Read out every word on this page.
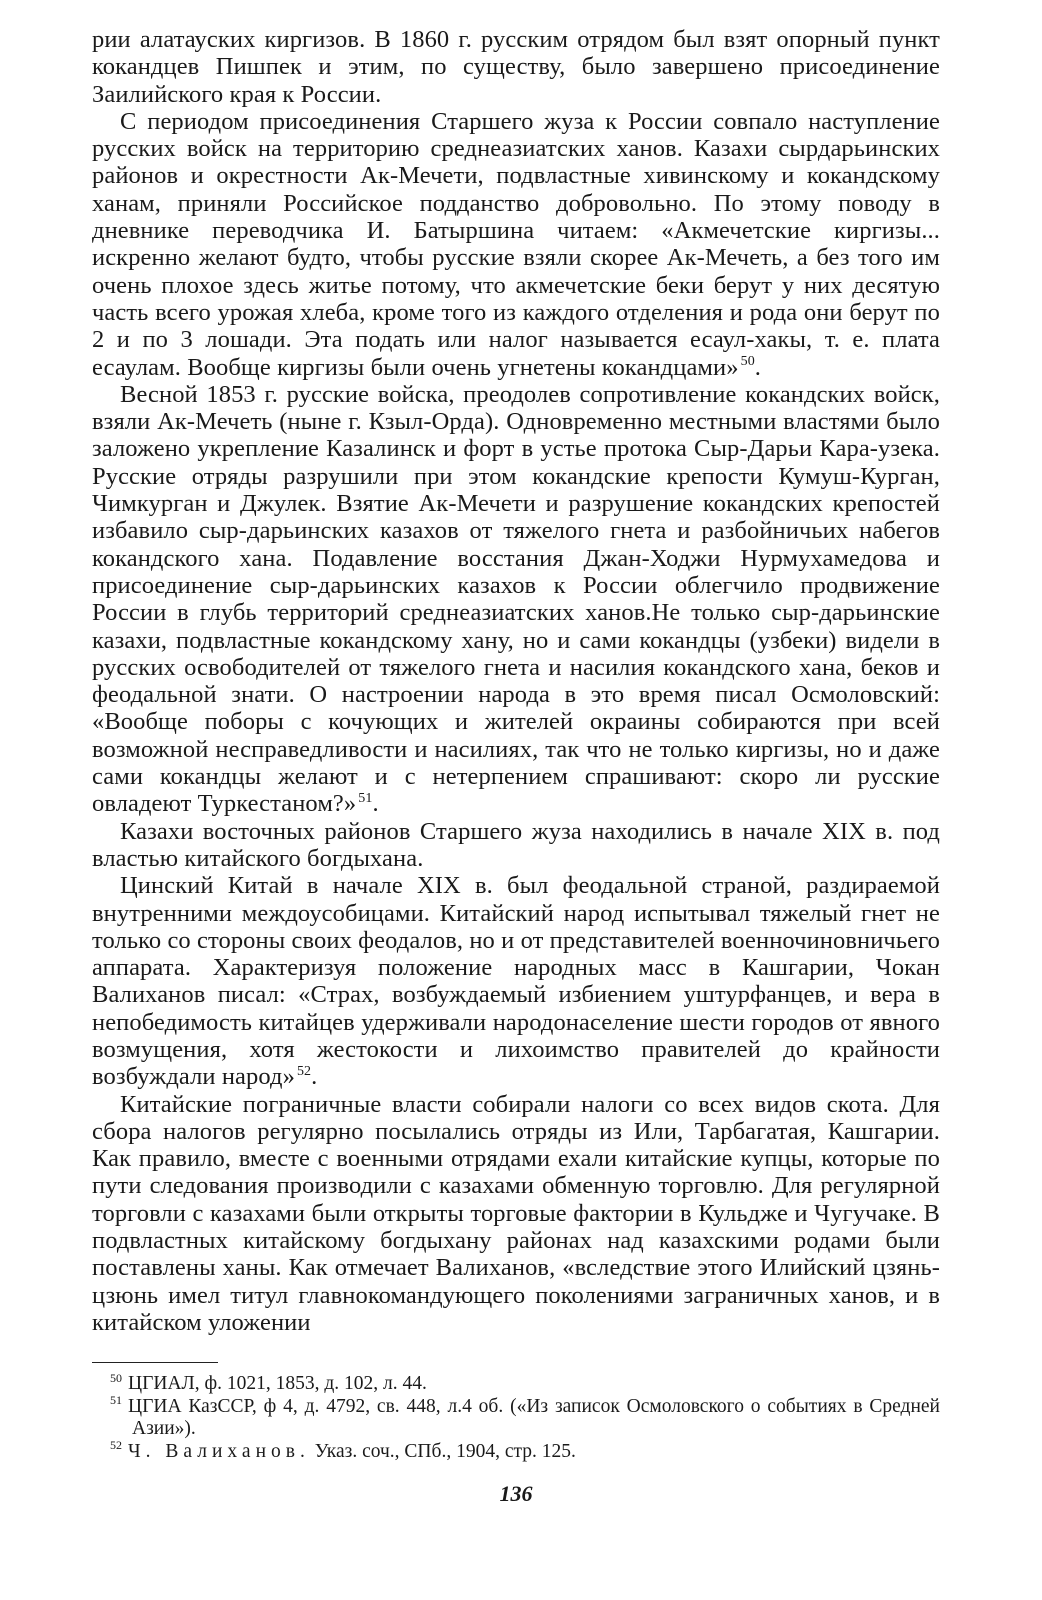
рии алатауских киргизов. В 1860 г. русским отрядом был взят опорный пункт кокандцев Пишпек и этим, по существу, было завершено присоединение Заилийского края к России.

С периодом присоединения Старшего жуза к России совпало наступление русских войск на территорию среднеазиатских ханов. Казахи сырдарьинских районов и окрестности Ак-Мечети, подвластные хивинскому и кокандскому ханам, приняли Российское подданство добровольно. По этому поводу в дневнике переводчика И. Батыршина читаем: «Акмечетские киргизы... искренно желают будто, чтобы русские взяли скорее Ак-Мечеть, а без того им очень плохое здесь житье потому, что акмечетские беки берут у них десятую часть всего урожая хлеба, кроме того из каждого отделения и рода они берут по 2 и по 3 лошади. Эта подать или налог называется есаул-хакы, т. е. плата есаулам. Вообще киргизы были очень угнетены кокандцами» $^{50}$.

Весной 1853 г. русские войска, преодолев сопротивление кокандских войск, взяли Ак-Мечеть (ныне г. Кзыл-Орда). Одновременно местными властями было заложено укрепление Казалинск и форт в устье протока Сыр-Дарьи Кара-узека. Русские отряды разрушили при этом кокандские крепости Кумуш-Курган, Чимкурган и Джулек. Взятие Ак-Мечети и разрушение кокандских крепостей избавило сыр-дарьинских казахов от тяжелого гнета и разбойничьих набегов кокандского хана. Подавление восстания Джан-Ходжи Нурмухамедова и присоединение сыр-дарьинских казахов к России облегчило продвижение России в глубь территорий среднеазиатских ханов.Не только сыр-дарьинские казахи, подвластные кокандскому хану, но и сами кокандцы (узбеки) видели в русских освободителей от тяжелого гнета и насилия кокандского хана, беков и феодальной знати. О настроении народа в это время писал Осмоловский: «Вообще поборы с кочующих и жителей окраины собираются при всей возможной несправедливости и насилиях, так что не только киргизы, но и даже сами кокандцы желают и с нетерпением спрашивают: скоро ли русские овладеют Туркестаном?» $^{51}$.

Казахи восточных районов Старшего жуза находились в начале XIX в. под властью китайского богдыхана.

Цинский Китай в начале XIX в. был феодальной страной, раздираемой внутренними междоусобицами. Китайский народ испытывал тяжелый гнет не только со стороны своих феодалов, но и от представителей военночиновничьего аппарата. Характеризуя положение народных масс в Кашгарии, Чокан Валиханов писал: «Страх, возбуждаемый избиением уштурфанцев, и вера в непобедимость китайцев удерживали народонаселение шести городов от явного возмущения, хотя жестокости и лихоимство правителей до крайности возбуждали народ» $^{52}$.

Китайские пограничные власти собирали налоги со всех видов скота. Для сбора налогов регулярно посылались отряды из Или, Тарбагатая, Кашгарии. Как правило, вместе с военными отрядами ехали китайские купцы, которые по пути следования производили с казахами обменную торговлю. Для регулярной торговли с казахами были открыты торговые фактории в Кульдже и Чугучаке. В подвластных китайскому богдыхану районах над казахскими родами были поставлены ханы. Как отмечает Валиханов, «вследствие этого Илийский цзянь-цзюнь имел титул главнокомандующего поколениями заграничных ханов, и в китайском уложении

$^{50}$ ЦГИАЛ, ф. 1021, 1853, д. 102, л. 44.

$^{51}$ ЦГИА КазССР, ф 4, д. 4792, св. 448, л.4 об. («Из записок Осмоловского о событиях в Средней Азии»).

$^{52}$ Ч. Валиханов. Указ. соч., СПб., 1904, стр. 125.

136
